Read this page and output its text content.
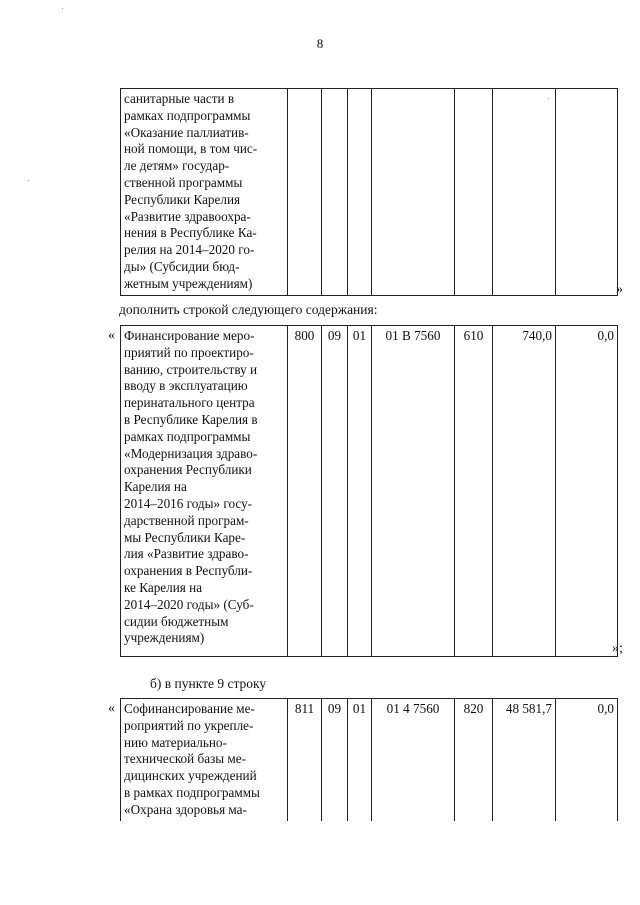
8
санитарные части в
рамках подпрограммы
«Оказание паллиатив-
ной помощи, в том чис-
ле детям» государ-
ственной программы
Республики Карелия
«Развитие здравоохра-
нения в Республике Ка-
релия на 2014–2020 го-
ды» (Субсидии бюд-
жетным учреждениям)
								»
дополнить строкой следующего содержания:
« Финансирование меро-
приятий по проектиро-
ванию, строительству и
вводу в эксплуатацию
перинатального центра
в Республике Карелия в
рамках подпрограммы
«Модернизация здраво-
охранения Республики
Карелия на
2014–2016 годы» госу-
дарственной програм-
мы Республики Каре-
лия «Развитие здраво-
охранения в Республи-
ке Карелия на
2014–2020 годы» (Суб-
сидии бюджетным
учреждениям)
	800	09	01	01 В 7560	610	740,0	0,0
»;
б) в пункте 9 строку
« Софинансирование ме-
роприятий по укрепле-
нию материально-
технической базы ме-
дицинских учреждений
в рамках подпрограммы
«Охрана здоровья ма-
	811	09	01	01 4 7560	820	48 581,7	0,0
